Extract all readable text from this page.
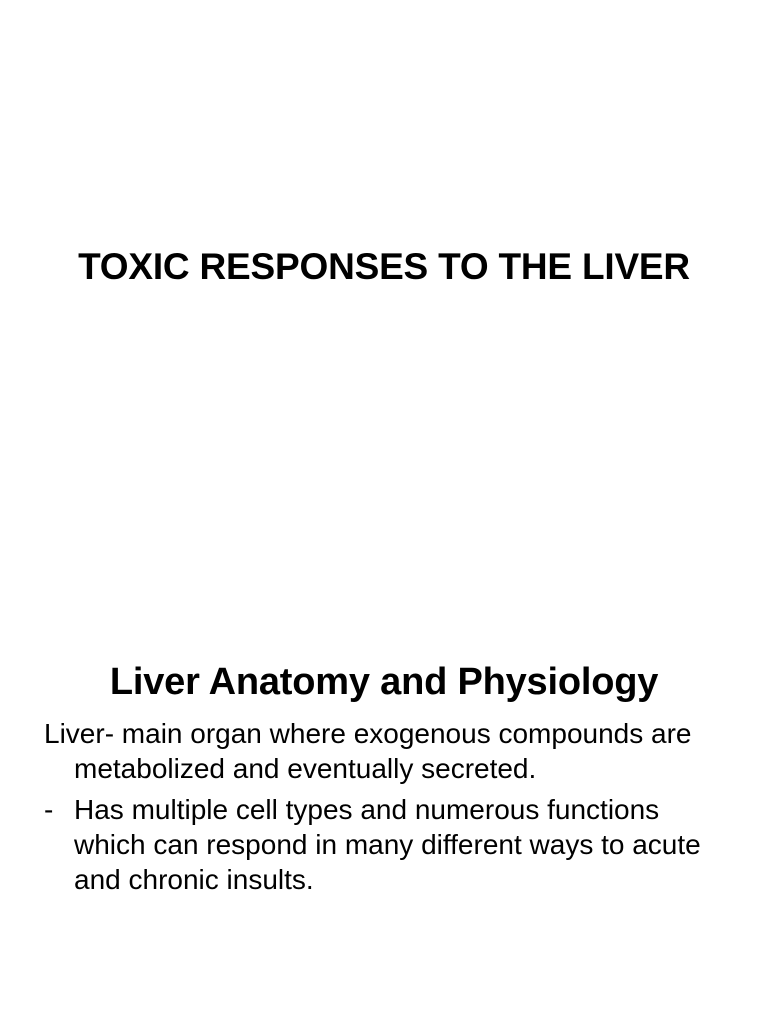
TOXIC RESPONSES TO THE LIVER
Liver Anatomy and Physiology
Liver- main organ where exogenous compounds are metabolized and eventually secreted.
- Has multiple cell types and numerous functions which can respond in many different ways to acute and chronic insults.
